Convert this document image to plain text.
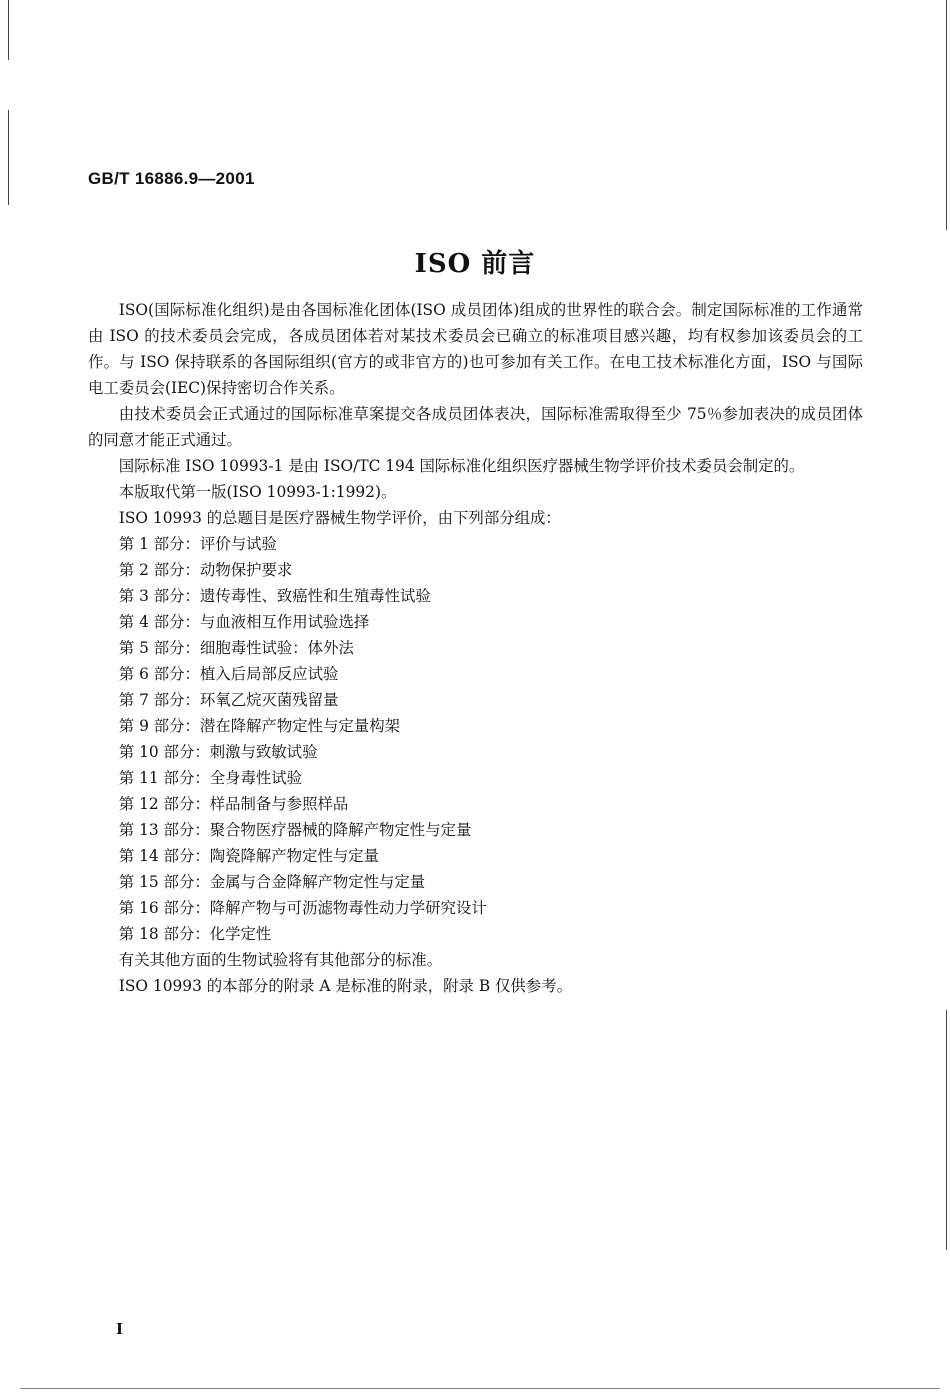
GB/T 16886.9—2001
ISO 前言

ISO(国际标准化组织)是由各国标准化团体(ISO 成员团体)组成的世界性的联合会。制定国际标准的工作通常由 ISO 的技术委员会完成，各成员团体若对某技术委员会已确立的标准项目感兴趣，均有权参加该委员会的工作。与 ISO 保持联系的各国际组织(官方的或非官方的)也可参加有关工作。在电工技术标准化方面，ISO 与国际电工委员会(IEC)保持密切合作关系。

由技术委员会正式通过的国际标准草案提交各成员团体表决，国际标准需取得至少 75％参加表决的成员团体的同意才能正式通过。

国际标准 ISO 10993-1 是由 ISO/TC 194 国际标准化组织医疗器械生物学评价技术委员会制定的。

本版取代第一版(ISO 10993-1:1992)。
ISO 10993 的总题目是医疗器械生物学评价，由下列部分组成：
第 1 部分：评价与试验
第 2 部分：动物保护要求
第 3 部分：遗传毒性、致癌性和生殖毒性试验
第 4 部分：与血液相互作用试验选择
第 5 部分：细胞毒性试验：体外法
第 6 部分：植入后局部反应试验
第 7 部分：环氧乙烷灭菌残留量
第 9 部分：潜在降解产物定性与定量构架
第 10 部分：刺激与致敏试验
第 11 部分：全身毒性试验
第 12 部分：样品制备与参照样品
第 13 部分：聚合物医疗器械的降解产物定性与定量
第 14 部分：陶瓷降解产物定性与定量
第 15 部分：金属与合金降解产物定性与定量
第 16 部分：降解产物与可沥滤物毒性动力学研究设计
第 18 部分：化学定性
有关其他方面的生物试验将有其他部分的标准。
ISO 10993 的本部分的附录 A 是标准的附录，附录 B 仅供参考。
I
